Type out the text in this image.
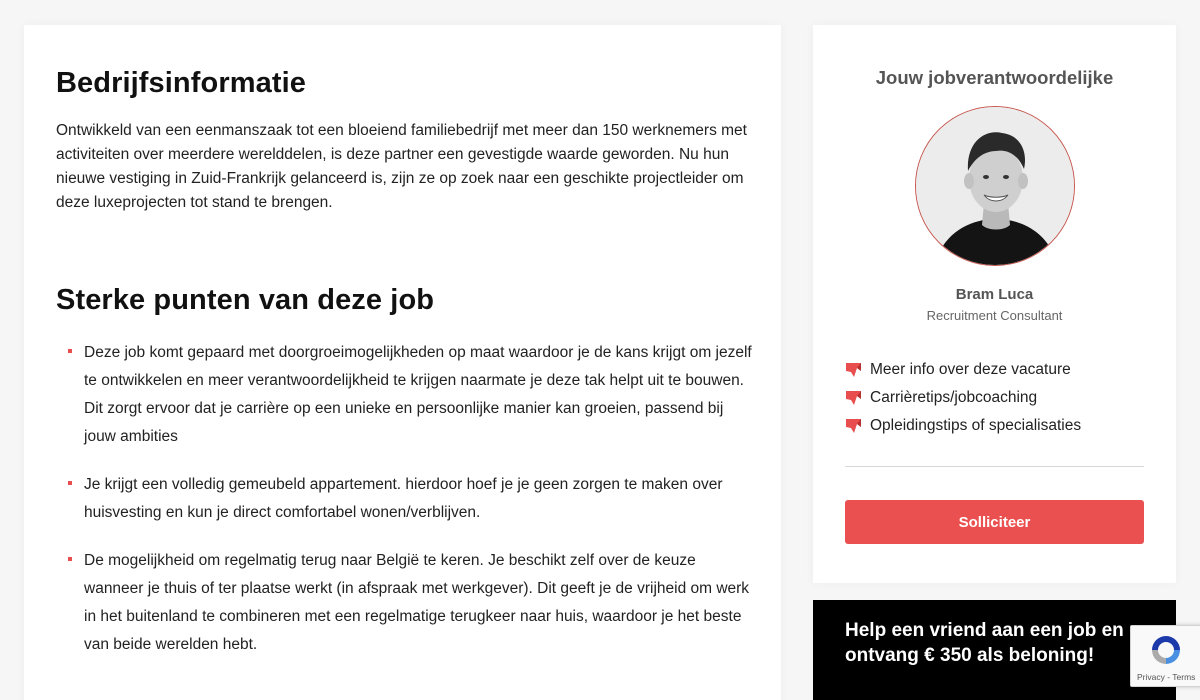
Bedrijfsinformatie

Ontwikkeld van een eenmanszaak tot een bloeiend familiebedrijf met meer dan 150 werknemers met activiteiten over meerdere werelddelen, is deze partner een gevestigde waarde geworden. Nu hun nieuwe vestiging in Zuid-Frankrijk gelanceerd is, zijn ze op zoek naar een geschikte projectleider om deze luxeprojecten tot stand te brengen.

Sterke punten van deze job
Deze job komt gepaard met doorgroeimogelijkheden op maat waardoor je de kans krijgt om jezelf te ontwikkelen en meer verantwoordelijkheid te krijgen naarmate je deze tak helpt uit te bouwen. Dit zorgt ervoor dat je carrière op een unieke en persoonlijke manier kan groeien, passend bij jouw ambities
Je krijgt een volledig gemeubeld appartement. hierdoor hoef je je geen zorgen te maken over huisvesting en kun je direct comfortabel wonen/verblijven.
De mogelijkheid om regelmatig terug naar België te keren. Je beschikt zelf over de keuze wanneer je thuis of ter plaatse werkt (in afspraak met werkgever). Dit geeft je de vrijheid om werk in het buitenland te combineren met een regelmatige terugkeer naar huis, waardoor je het beste van beide werelden hebt.
Jouw jobverantwoordelijke
Bram Luca
Recruitment Consultant
Meer info over deze vacature
Carrièretips/jobcoaching
Opleidingstips of specialisaties
Solliciteer
Help een vriend aan een job en ontvang € 350 als beloning!
Privacy - Terms
